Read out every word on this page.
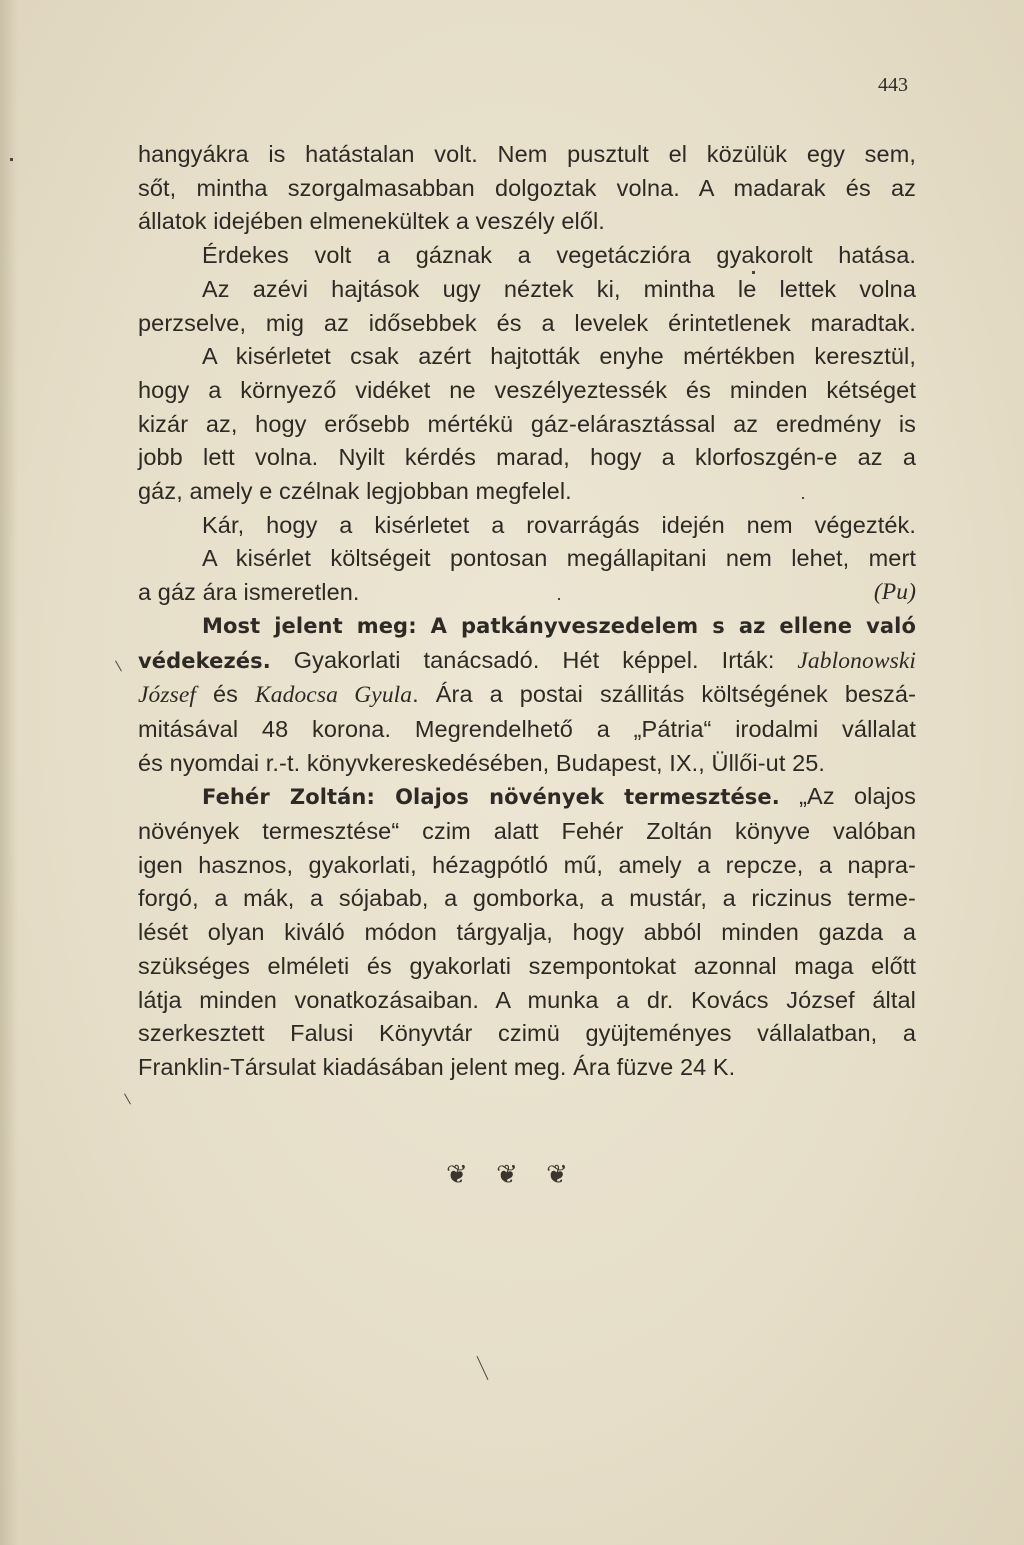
443
hangyákra is hatástalan volt. Nem pusztult el közülük egy sem,
sőt, mintha szorgalmasabban dolgoztak volna. A madarak és az
állatok idejében elmenekültek a veszély elől.
Érdekes volt a gáznak a vegetáczióra gyakorolt hatása.
Az azévi hajtások ugy néztek ki, mintha le lettek volna
perzselve, mig az idősebbek és a levelek érintetlenek maradtak.
A kisérletet csak azért hajtották enyhe mértékben keresztül,
hogy a környező vidéket ne veszélyeztessék és minden kétséget
kizár az, hogy erősebb mértékü gáz-elárasztással az eredmény is
jobb lett volna. Nyilt kérdés marad, hogy a klorfoszgén-e az a
gáz, amely e czélnak legjobban megfelel.
Kár, hogy a kisérletet a rovarrágás idején nem végezték.
A kisérlet költségeit pontosan megállapitani nem lehet, mert
a gáz ára ismeretlen.	(Pu)
Most jelent meg: A patkányveszedelem s az ellene való
védekezés. Gyakorlati tanácsadó. Hét képpel. Irták: Jablonowski
József és Kadocsa Gyula. Ára a postai szállitás költségének beszá-
mitásával 48 korona. Megrendelhető a „Pátria“ irodalmi vállalat
és nyomdai r.-t. könyvkereskedésében, Budapest, IX., Üllői-ut 25.
Fehér Zoltán: Olajos növények termesztése. „Az olajos
növények termesztése“ czim alatt Fehér Zoltán könyve valóban
igen hasznos, gyakorlati, hézagpótló mű, amely a repcze, a napra-
forgó, a mák, a sójabab, a gomborka, a mustár, a riczinus terme-
lését olyan kiváló módon tárgyalja, hogy abból minden gazda a
szükséges elméleti és gyakorlati szempontokat azonnal maga előtt
látja minden vonatkozásaiban. A munka a dr. Kovács József által
szerkesztett Falusi Könyvtár czimü gyüjteményes vállalatban, a
Franklin-Társulat kiadásában jelent meg. Ára füzve 24 K.
❦ ❦ ❦
